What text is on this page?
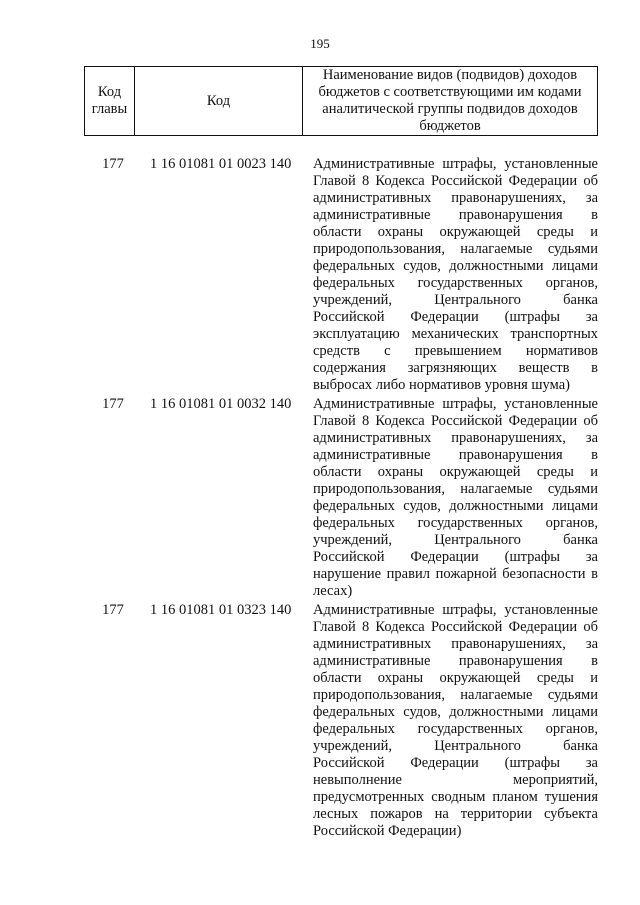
195
Код главы	Код	Наименование видов (подвидов) доходов бюджетов с соответствующими им кодами аналитической группы подвидов доходов бюджетов
177	1 16 01081 01 0023 140	Административные штрафы, установленные
Главой 8 Кодекса Российской Федерации об
административных правонарушениях, за
административные правонарушения в
области охраны окружающей среды и
природопользования, налагаемые судьями
федеральных судов, должностными лицами
федеральных государственных органов,
учреждений, Центрального банка
Российской Федерации (штрафы за
эксплуатацию механических транспортных
средств с превышением нормативов
содержания загрязняющих веществ в
выбросах либо нормативов уровня шума)
177	1 16 01081 01 0032 140	Административные штрафы, установленные
Главой 8 Кодекса Российской Федерации об
административных правонарушениях, за
административные правонарушения в
области охраны окружающей среды и
природопользования, налагаемые судьями
федеральных судов, должностными лицами
федеральных государственных органов,
учреждений, Центрального банка
Российской Федерации (штрафы за
нарушение правил пожарной безопасности в
лесах)
177	1 16 01081 01 0323 140	Административные штрафы, установленные
Главой 8 Кодекса Российской Федерации об
административных правонарушениях, за
административные правонарушения в
области охраны окружающей среды и
природопользования, налагаемые судьями
федеральных судов, должностными лицами
федеральных государственных органов,
учреждений, Центрального банка
Российской Федерации (штрафы за
невыполнение мероприятий,
предусмотренных сводным планом тушения
лесных пожаров на территории субъекта
Российской Федерации)
